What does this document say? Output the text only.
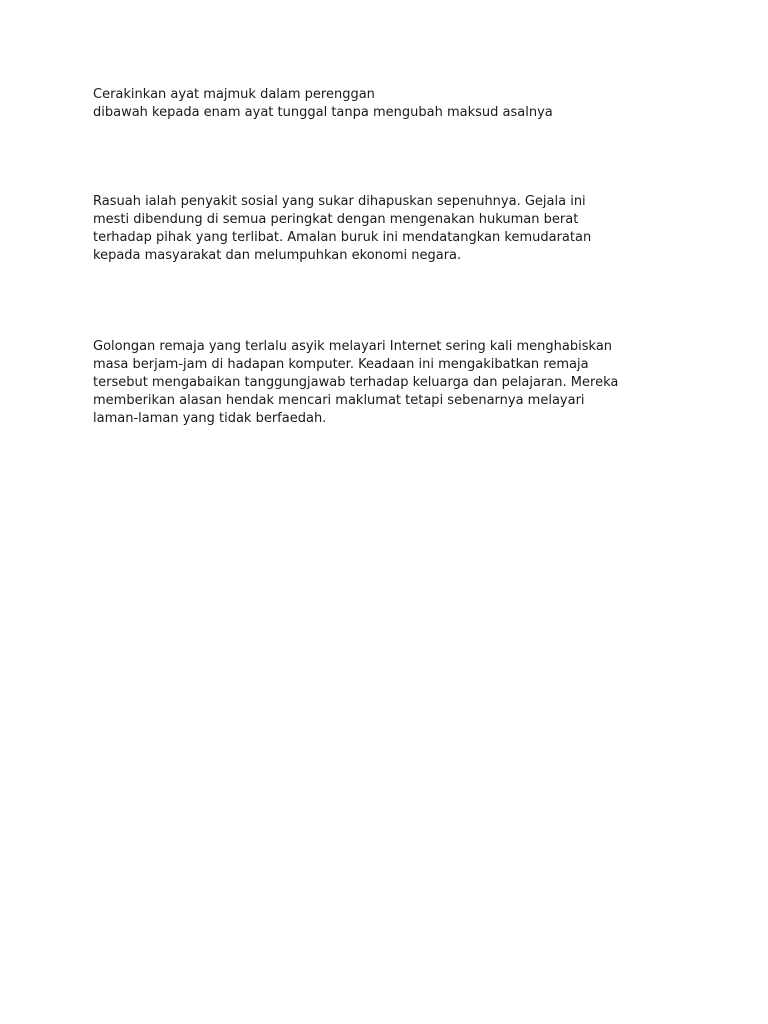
Cerakinkan ayat majmuk dalam perenggan
dibawah kepada enam ayat tunggal tanpa mengubah maksud asalnya
Rasuah ialah penyakit sosial yang sukar dihapuskan sepenuhnya. Gejala ini
mesti dibendung di semua peringkat dengan mengenakan hukuman berat
terhadap pihak yang terlibat. Amalan buruk ini mendatangkan kemudaratan
kepada masyarakat dan melumpuhkan ekonomi negara.
Golongan remaja yang terlalu asyik melayari Internet sering kali menghabiskan
masa berjam-jam di hadapan komputer. Keadaan ini mengakibatkan remaja
tersebut mengabaikan tanggungjawab terhadap keluarga dan pelajaran. Mereka
memberikan alasan hendak mencari maklumat tetapi sebenarnya melayari
laman-laman yang tidak berfaedah.
